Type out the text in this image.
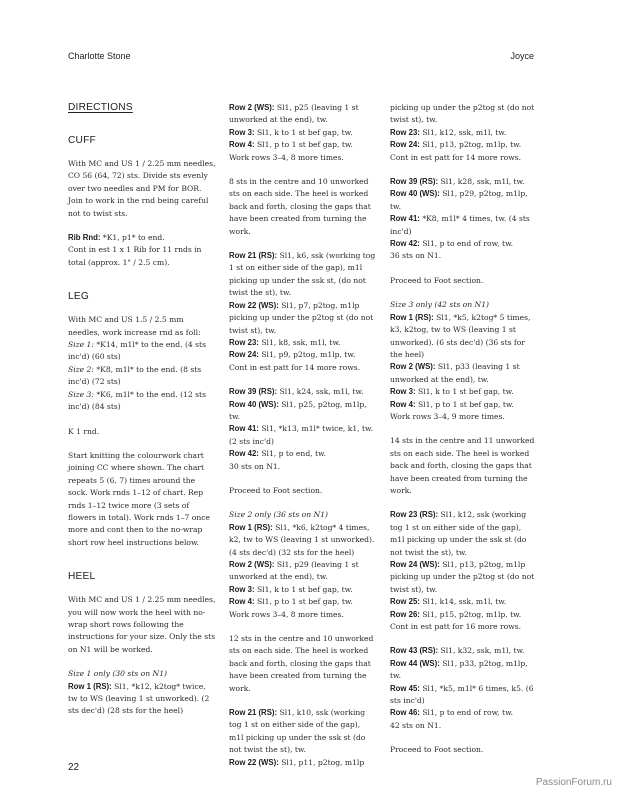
Charlotte Stone	Joyce

DIRECTIONS

CUFF

With MC and US 1 / 2.25 mm needles, CO 56 (64, 72) sts. Divide sts evenly over two needles and PM for BOR. Join to work in the rnd being careful not to twist sts.

Rib Rnd: *K1, p1* to end.

Cont in est 1 x 1 Rib for 11 rnds in total (approx. 1" / 2.5 cm).

LEG

With MC and US 1.5 / 2.5 mm needles, work increase rnd as foll:

Size 1: *K14, m1l* to the end. (4 sts inc'd) (60 sts)

Size 2: *K8, m1l* to the end. (8 sts inc'd) (72 sts)

Size 3: *K6, m1l* to the end. (12 sts inc'd) (84 sts)

K 1 rnd.

Start knitting the colourwork chart joining CC where shown. The chart repeats 5 (6, 7) times around the sock. Work rnds 1–12 of chart. Rep rnds 1–12 twice more (3 sets of flowers in total). Work rnds 1–7 once more and cont then to the no-wrap short row heel instructions below.

HEEL

With MC and US 1 / 2.25 mm needles, you will now work the heel with no-wrap short rows following the instructions for your size. Only the sts on N1 will be worked.

Size 1 only (30 sts on N1)

Row 1 (RS): Sl1, *k12, k2tog* twice, tw to WS (leaving 1 st unworked). (2 sts dec'd) (28 sts for the heel)

Row 2 (WS): Sl1, p25 (leaving 1 st unworked at the end), tw.

Row 3: Sl1, k to 1 st bef gap, tw.

Row 4: Sl1, p to 1 st bef gap, tw.

Work rows 3–4, 8 more times.

8 sts in the centre and 10 unworked sts on each side. The heel is worked back and forth, closing the gaps that have been created from turning the work.

Row 21 (RS): Sl1, k6, ssk (working tog 1 st on either side of the gap), m1l picking up under the ssk st, (do not twist the st), tw.

Row 22 (WS): Sl1, p7, p2tog, m1lp picking up under the p2tog st (do not twist st), tw.

Row 23: Sl1, k8, ssk, m1l, tw.

Row 24: Sl1, p9, p2tog, m1lp, tw.

Cont in est patt for 14 more rows.

Row 39 (RS): Sl1, k24, ssk, m1l, tw.

Row 40 (WS): Sl1, p25, p2tog, m1lp, tw.

Row 41: Sl1, *k13, m1l* twice, k1, tw. (2 sts inc'd)

Row 42: Sl1, p to end, tw.

30 sts on N1.

Proceed to Foot section.

Size 2 only (36 sts on N1)

Row 1 (RS): Sl1, *k6, k2tog* 4 times, k2, tw to WS (leaving 1 st unworked). (4 sts dec'd) (32 sts for the heel)

Row 2 (WS): Sl1, p29 (leaving 1 st unworked at the end), tw.

Row 3: Sl1, k to 1 st bef gap, tw.

Row 4: Sl1, p to 1 st bef gap, tw.

Work rows 3–4, 8 more times.

12 sts in the centre and 10 unworked sts on each side. The heel is worked back and forth, closing the gaps that have been created from turning the work.

Row 21 (RS): Sl1, k10, ssk (working tog 1 st on either side of the gap), m1l picking up under the ssk st (do not twist the st), tw.

Row 22 (WS): Sl1, p11, p2tog, m1lp

picking up under the p2tog st (do not twist st), tw.

Row 23: Sl1, k12, ssk, m1l, tw.

Row 24: Sl1, p13, p2tog, m1lp, tw.

Cont in est patt for 14 more rows.

Row 39 (RS): Sl1, k28, ssk, m1l, tw.

Row 40 (WS): Sl1, p29, p2tog, m1lp, tw.

Row 41: *K8, m1l* 4 times, tw. (4 sts inc'd)

Row 42: Sl1, p to end of row, tw.

36 sts on N1.

Proceed to Foot section.

Size 3 only (42 sts on N1)

Row 1 (RS): Sl1, *k5, k2tog* 5 times, k3, k2tog, tw to WS (leaving 1 st unworked). (6 sts dec'd) (36 sts for the heel)

Row 2 (WS): Sl1, p33 (leaving 1 st unworked at the end), tw.

Row 3: Sl1, k to 1 st bef gap, tw.

Row 4: Sl1, p to 1 st bef gap, tw.

Work rows 3–4, 9 more times.

14 sts in the centre and 11 unworked sts on each side. The heel is worked back and forth, closing the gaps that have been created from turning the work.

Row 23 (RS): Sl1, k12, ssk (working tog 1 st on either side of the gap), m1l picking up under the ssk st (do not twist the st), tw.

Row 24 (WS): Sl1, p13, p2tog, m1lp picking up under the p2tog st (do not twist st), tw.

Row 25: Sl1, k14, ssk, m1l, tw.

Row 26: Sl1, p15, p2tog, m1lp, tw.

Cont in est patt for 16 more rows.

Row 43 (RS): Sl1, k32, ssk, m1l, tw.

Row 44 (WS): Sl1, p33, p2tog, m1lp, tw.

Row 45: Sl1, *k5, m1l* 6 times, k5. (6 sts inc'd)

Row 46: Sl1, p to end of row, tw.

42 sts on N1.

Proceed to Foot section.

22
PassionForum.ru
